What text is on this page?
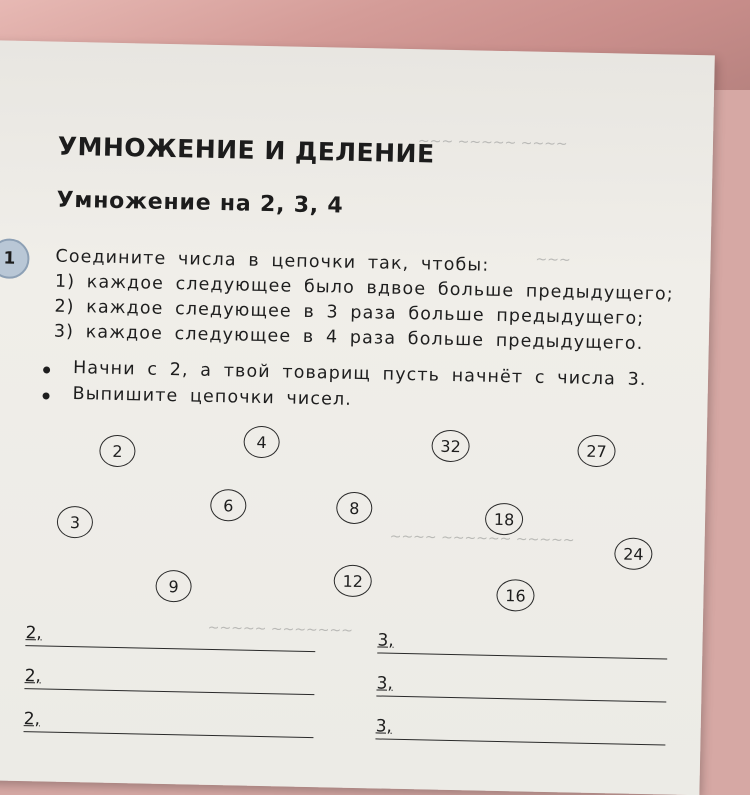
~~~ ~~~~~ ~~~~
~~~
~~~~ ~~~~~~ ~~~~~
~~~~~ ~~~~~~~
УМНОЖЕНИЕ И ДЕЛЕНИЕ
Умножение на 2, 3, 4
1 Соедините числа в цепочки так, чтобы:
1) каждое следующее было вдвое больше предыдущего;
2) каждое следующее в 3 раза больше предыдущего;
3) каждое следующее в 4 раза больше предыдущего.
Начни с 2, а твой товарищ пусть начнёт с числа 3.
Выпишите цепочки чисел.
2	4	32	27
3
6	8
18
24
9	12
16
2,
2,
2,
3,
3,
3,
